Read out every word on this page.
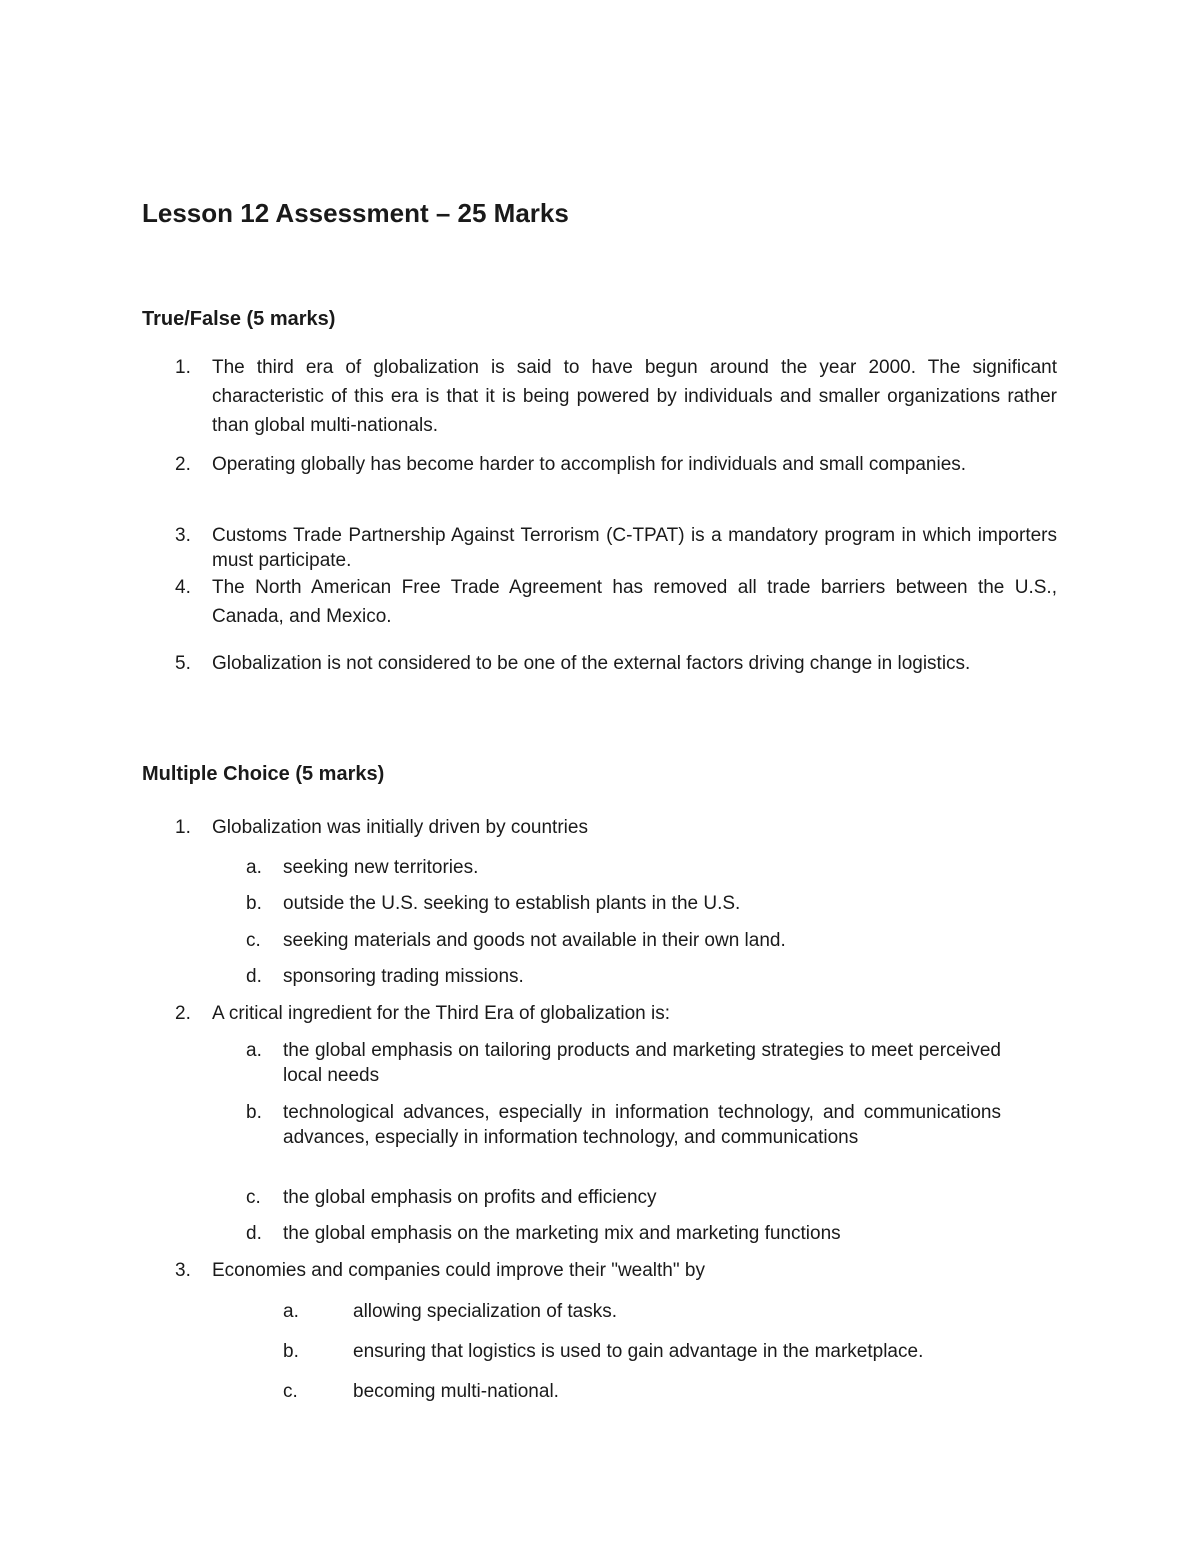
Lesson 12 Assessment – 25 Marks
True/False (5 marks)
1. The third era of globalization is said to have begun around the year 2000. The significant characteristic of this era is that it is being powered by individuals and smaller organizations rather than global multi-nationals.
2. Operating globally has become harder to accomplish for individuals and small companies.
3. Customs Trade Partnership Against Terrorism (C-TPAT) is a mandatory program in which importers must participate.
4. The North American Free Trade Agreement has removed all trade barriers between the U.S., Canada, and Mexico.
5. Globalization is not considered to be one of the external factors driving change in logistics.
Multiple Choice (5 marks)
1. Globalization was initially driven by countries
a. seeking new territories.
b. outside the U.S. seeking to establish plants in the U.S.
c. seeking materials and goods not available in their own land.
d. sponsoring trading missions.
2. A critical ingredient for the Third Era of globalization is:
a. the global emphasis on tailoring products and marketing strategies to meet perceived local needs
b. technological advances, especially in information technology, and communications advances, especially in information technology, and communications
c. the global emphasis on profits and efficiency
d. the global emphasis on the marketing mix and marketing functions
3. Economies and companies could improve their "wealth" by
a.	allowing specialization of tasks.
b.	ensuring that logistics is used to gain advantage in the marketplace.
c.	becoming multi-national.
